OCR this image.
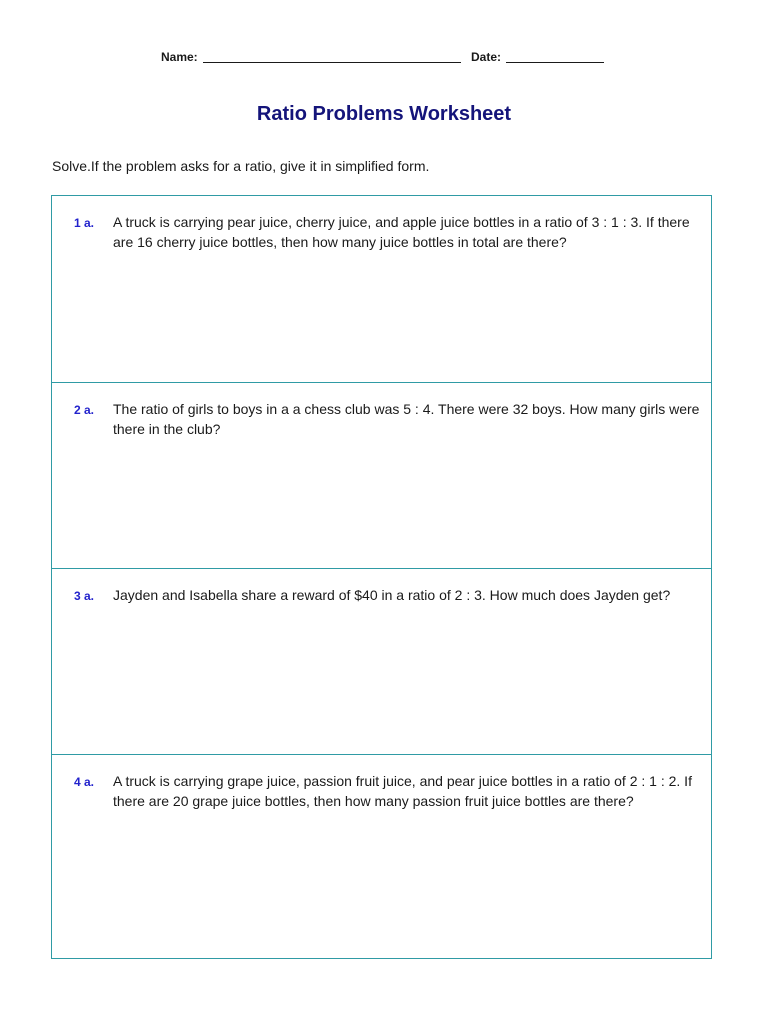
Name:	Date:
Ratio Problems Worksheet
Solve.If the problem asks for a ratio, give it in simplified form.
1 a. A truck is carrying pear juice, cherry juice, and apple juice bottles in a ratio of 3 : 1 : 3. If there are 16 cherry juice bottles, then how many juice bottles in total are there?
2 a. The ratio of girls to boys in a a chess club was 5 : 4. There were 32 boys. How many girls were there in the club?
3 a. Jayden and Isabella share a reward of $40 in a ratio of 2 : 3. How much does Jayden get?
4 a. A truck is carrying grape juice, passion fruit juice, and pear juice bottles in a ratio of 2 : 1 : 2. If there are 20 grape juice bottles, then how many passion fruit juice bottles are there?
